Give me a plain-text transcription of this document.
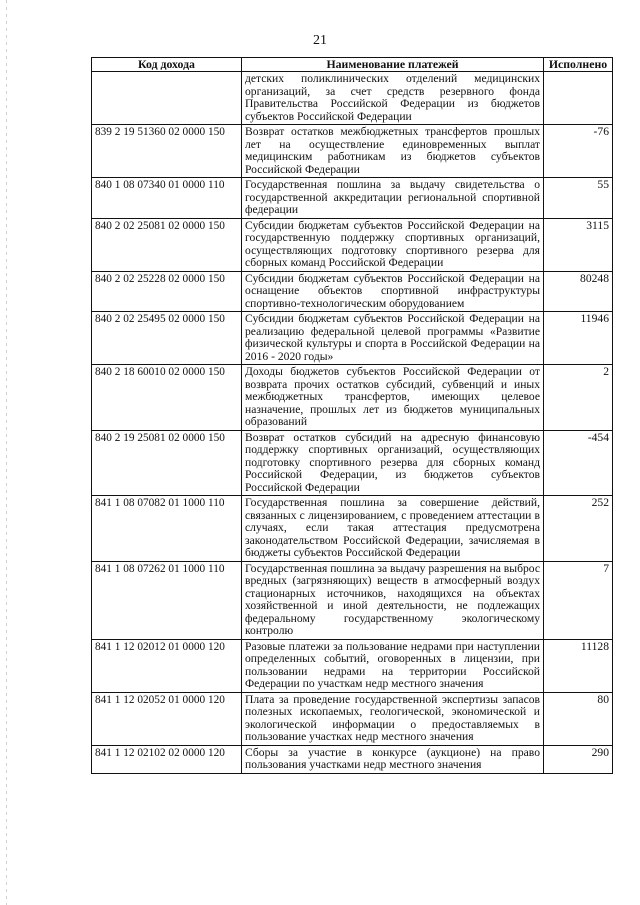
21
Код дохода	Наименование платежей	Исполнено
	детских поликлинических отделений медицинских организаций, за счет средств резервного фонда Правительства Российской Федерации из бюджетов субъектов Российской Федерации	
839 2 19 51360 02 0000 150	Возврат остатков межбюджетных трансфертов прошлых лет на осуществление единовременных выплат медицинским работникам из бюджетов субъектов Российской Федерации	-76
840 1 08 07340 01 0000 110	Государственная пошлина за выдачу свидетельства о государственной аккредитации региональной спортивной федерации	55
840 2 02 25081 02 0000 150	Субсидии бюджетам субъектов Российской Федерации на государственную поддержку спортивных организаций, осуществляющих подготовку спортивного резерва для сборных команд Российской Федерации	3115
840 2 02 25228 02 0000 150	Субсидии бюджетам субъектов Российской Федерации на оснащение объектов спортивной инфраструктуры спортивно-технологическим оборудованием	80248
840 2 02 25495 02 0000 150	Субсидии бюджетам субъектов Российской Федерации на реализацию федеральной целевой программы «Развитие физической культуры и спорта в Российской Федерации на 2016 - 2020 годы»	11946
840 2 18 60010 02 0000 150	Доходы бюджетов субъектов Российской Федерации от возврата прочих остатков субсидий, субвенций и иных межбюджетных трансфертов, имеющих целевое назначение, прошлых лет из бюджетов муниципальных образований	2
840 2 19 25081 02 0000 150	Возврат остатков субсидий на адресную финансовую поддержку спортивных организаций, осуществляющих подготовку спортивного резерва для сборных команд Российской Федерации, из бюджетов субъектов Российской Федерации	-454
841 1 08 07082 01 1000 110	Государственная пошлина за совершение действий, связанных с лицензированием, с проведением аттестации в случаях, если такая аттестация предусмотрена законодательством Российской Федерации, зачисляемая в бюджеты субъектов Российской Федерации	252
841 1 08 07262 01 1000 110	Государственная пошлина за выдачу разрешения на выброс вредных (загрязняющих) веществ в атмосферный воздух стационарных источников, находящихся на объектах хозяйственной и иной деятельности, не подлежащих федеральному государственному экологическому контролю	7
841 1 12 02012 01 0000 120	Разовые платежи за пользование недрами при наступлении определенных событий, оговоренных в лицензии, при пользовании недрами на территории Российской Федерации по участкам недр местного значения	11128
841 1 12 02052 01 0000 120	Плата за проведение государственной экспертизы запасов полезных ископаемых, геологической, экономической и экологической информации о предоставляемых в пользование участках недр местного значения	80
841 1 12 02102 02 0000 120	Сборы за участие в конкурсе (аукционе) на право пользования участками недр местного значения	290
